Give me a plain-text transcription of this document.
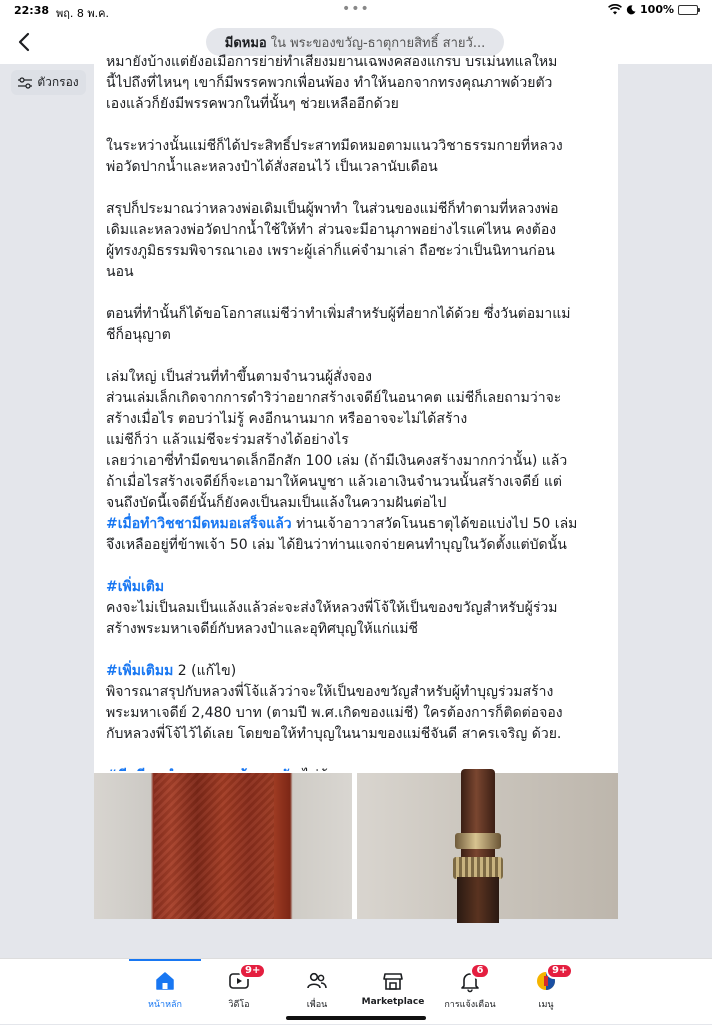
22:38 พฤ. 8 พ.ค.	•••	100%
มีดหมอ ใน พระของขวัญ-ธาตุกายสิทธิ์ สายวั...
ตัวกรอง

หมายังบ้างแต่ยังอเมือการย่าย่ทำเสียงมยานเฉพงคสองแกรบ บรเม่นทแลใหม
นี้ไปถึงที่ไหนๆ เขาก็มีพรรคพวกเพื่อนพ้อง ทำให้นอกจากทรงคุณภาพด้วยตัว
เองแล้วก็ยังมีพรรคพวกในที่นั้นๆ ช่วยเหลืออีกด้วย

ในระหว่างนั้นแม่ชีก็ได้ประสิทธิ์ประสาทมีดหมอตามแนววิชาธรรมกายที่หลวง
พ่อวัดปากน้ำและหลวงป๋าได้สั่งสอนไว้ เป็นเวลานับเดือน

สรุปก็ประมาณว่าหลวงพ่อเดิมเป็นผู้พาทำ ในส่วนของแม่ชีก็ทำตามที่หลวงพ่อ
เดิมและหลวงพ่อวัดปากน้ำใช้ให้ทำ ส่วนจะมีอานุภาพอย่างไรแค่ไหน คงต้อง
ผู้ทรงภูมิธรรมพิจารณาเอง เพราะผู้เล่าก็แค่จำมาเล่า ถือซะว่าเป็นนิทานก่อน
นอน

ตอนที่ทำนั้นก็ได้ขอโอกาสแม่ชีว่าทำเพิ่มสำหรับผู้ที่อยากได้ด้วย ซึ่งวันต่อมาแม่
ชีก็อนุญาต

เล่มใหญ่ เป็นส่วนที่ทำขึ้นตามจำนวนผู้สั่งจอง
ส่วนเล่มเล็กเกิดจากการดำริว่าอยากสร้างเจดีย์ในอนาคต แม่ชีก็เลยถามว่าจะ
สร้างเมื่อไร ตอบว่าไม่รู้ คงอีกนานมาก หรืออาจจะไม่ได้สร้าง
แม่ชีก็ว่า แล้วแม่ชีจะร่วมสร้างได้อย่างไร
เลยว่าเอาซี่ทำมีดขนาดเล็กอีกสัก 100 เล่ม (ถ้ามีเงินคงสร้างมากกว่านั้น) แล้ว
ถ้าเมื่อไรสร้างเจดีย์ก็จะเอามาให้คนบูชา แล้วเอาเงินจำนวนนั้นสร้างเจดีย์ แต่
จนถึงบัดนี้เจดีย์นั้นก็ยังคงเป็นลมเป็นแล้งในความฝันต่อไป
#เมื่อทำวิชชามีดหมอเสร็จแล้ว ท่านเจ้าอาวาสวัดโนนธาตุได้ขอแบ่งไป 50 เล่ม
จึงเหลืออยู่ที่ข้าพเจ้า 50 เล่ม ได้ยินว่าท่านแจกจ่ายคนทำบุญในวัดตั้งแต่บัดนั้น

#เพิ่มเติม
คงจะไม่เป็นลมเป็นแล้งแล้วล่ะจะส่งให้หลวงพี่โจ้ให้เป็นของขวัญสำหรับผู้ร่วม
สร้างพระมหาเจดีย์กับหลวงป๋าและอุทิศบุญให้แก่แม่ชี

#เพิ่มเติมม 2 (แก้ไข)
พิจารณาสรุปกับหลวงพี่โจ้แล้วว่าจะให้เป็นของขวัญสำหรับผู้ทำบุญร่วมสร้าง
พระมหาเจดีย์ 2,480 บาท (ตามปี พ.ศ.เกิดของแม่ชี) ใครต้องการก็ติดต่อจอง
กับหลวงพี่โจ้ไว้ได้เลย โดยขอให้ทำบุญในนามของแม่ชีจันดี สาครเจริญ ด้วย.

หน้าหลัก
9+
วิดีโอ	เพื่อน	Marketplace
6
การแจ้งเตือน
9+
เมนู
